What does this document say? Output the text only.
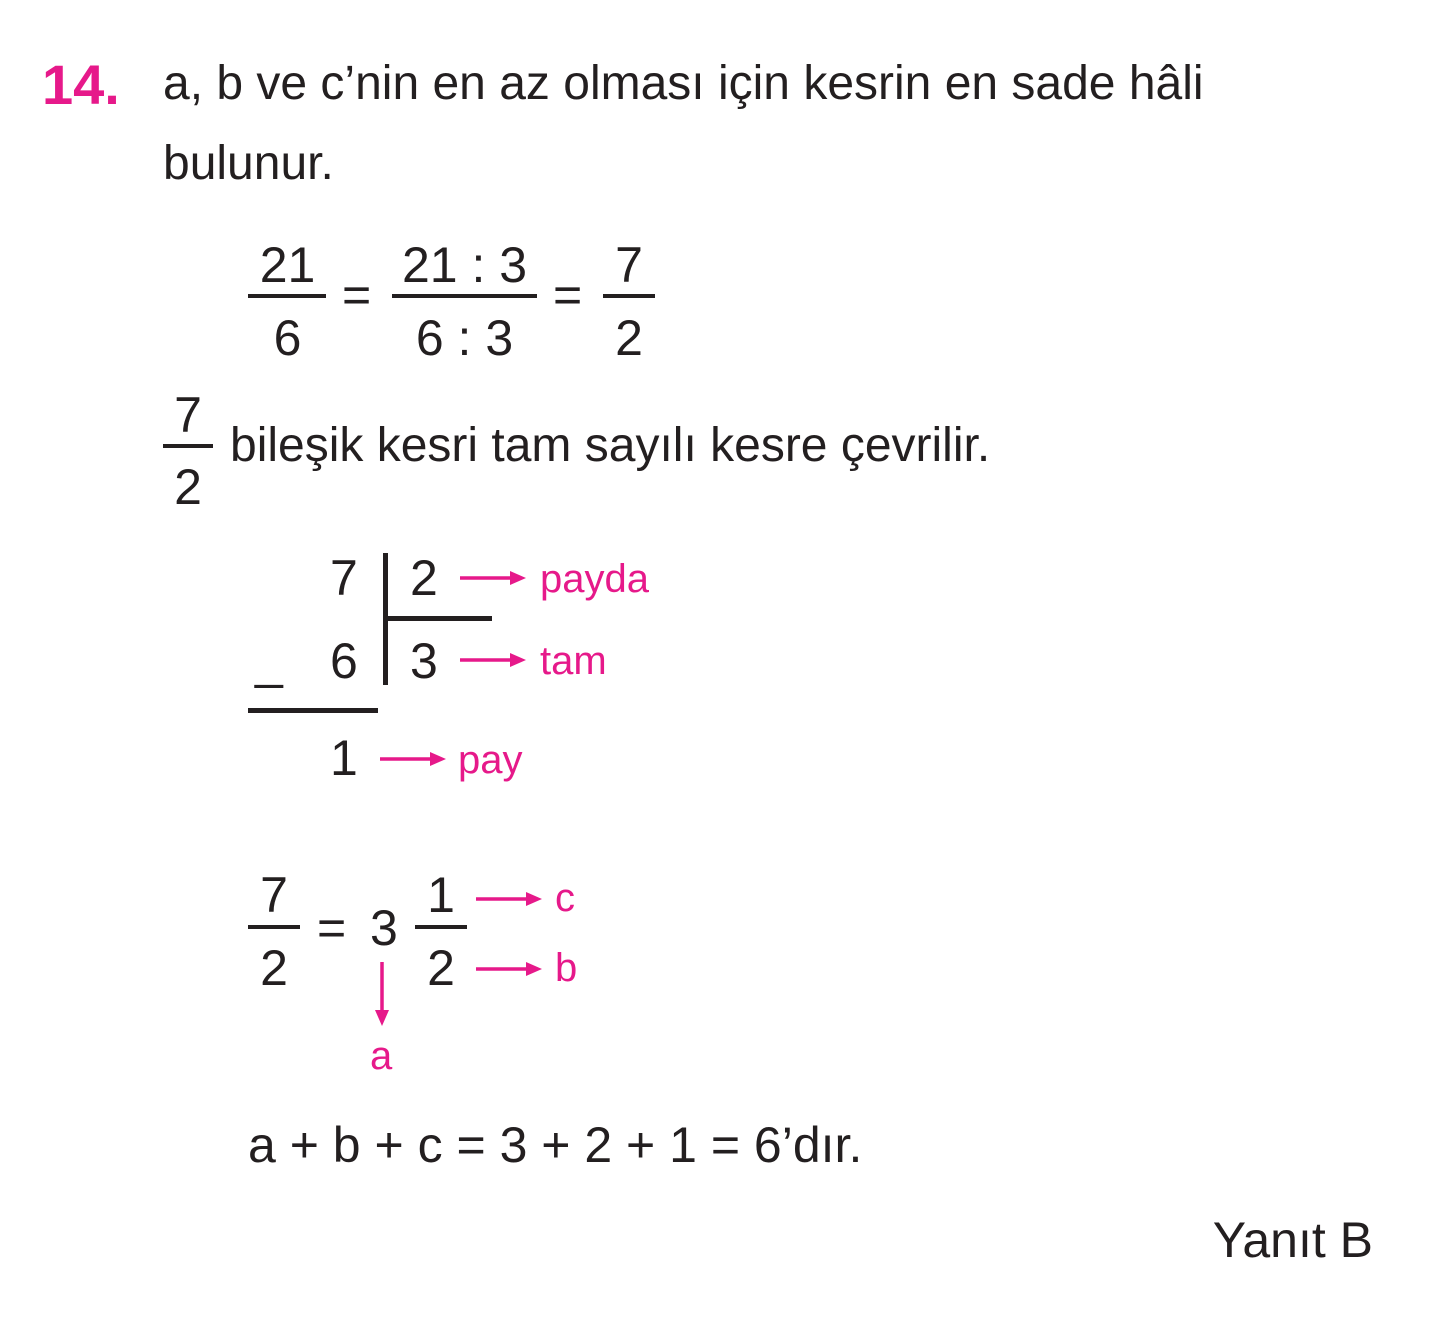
14. a, b ve c’nin en az olması için kesrin en sade hâli
bulunur.
21
6
=
21 : 3
6 : 3
=
7
2
7
2
bileşik kesri tam sayılı kesre çevrilir.
7 2
_ 6 3
1
payda
tam
pay
7
2
= 3
1
2
c
b
a
a + b + c = 3 + 2 + 1 = 6’dır.
Yanıt B
